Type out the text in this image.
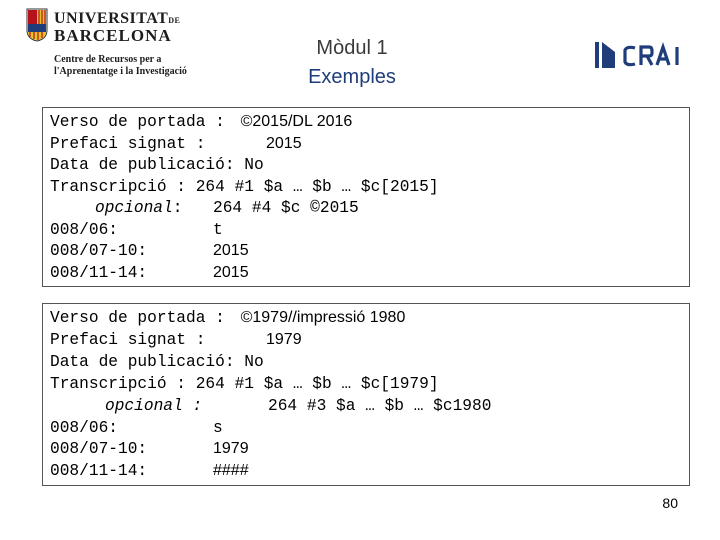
UNIVERSITATDE
BARCELONA
Centre de Recursos per a
l'Aprenentatge i la Investigació
Mòdul 1
Exemples
Verso de portada : ©2015/DL 2016
Prefaci signat : 2015
Data de publicació: No
Transcripció : 264 #1 $a … $b … $c[2015]
opcional: 264 #4 $c ©2015
008/06:	t
008/07-10:	2015
008/11-14:	2015
Verso de portada : ©1979//impressió 1980
Prefaci signat : 1979
Data de publicació: No
Transcripció : 264 #1 $a … $b … $c[1979]
opcional :	264 #3 $a … $b … $c1980
008/06:	s
008/07-10:	1979
008/11-14:	####
80
